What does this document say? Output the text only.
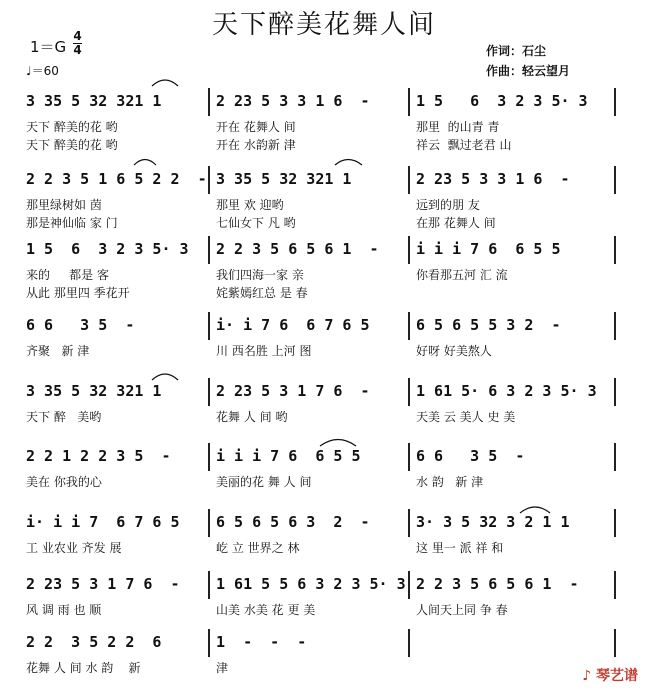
天下醉美花舞人间
1＝G
4
4
♩＝60
作词：石尘
作曲：轻云望月
3 35 5 32 321 1	2 23 5 3 3 1 6  -	1 5   6  3 2 3 5· 3
天下 醉美的花 哟	开在 花舞人 间	那里  的山青 青
天下 醉美的花 哟	开在 水韵新 津	祥云  飘过老君 山
2 2 3 5 1 6 5 2 2  - 3 35 5 32 321 1	2 23 5 3 3 1 6  -
那里绿树如 茵	那里 欢 迎哟	远到的朋 友
那是神仙临 家 门	七仙女下 凡 哟	在那 花舞人 间
1 5  6  3 2 3 5· 3 2 2 3 5 6 5 6 1  - i i i 7 6  6 5 5
来的     都是 客	我们四海一家 亲	你看那五河 汇 流
从此 那里四 季花开	姹紫嫣红总 是 春
6 6   3 5  -	i· i 7 6  6 7 6 5	6 5 6 5 5 3 2  -
齐聚   新 津	川 西名胜 上河 图	好呀 好美熬人
3 35 5 32 321 1	2 23 5 3 1 7 6  -	1 61 5· 6 3 2 3 5· 3
天下 醉   美哟	花舞 人 间 哟	天美 云 美人 史 美
2 2 1 2 2 3 5  -	i i i 7 6  6 5 5	6 6   3 5  -
美在 你我的心	美丽的花 舞 人 间	水 韵   新 津
i· i i 7  6 7 6 5 6 5 6 5 6 3  2  -	3· 3 5 32 3 2 1 1
工 业农业 齐发 展	屹 立 世界之 林	这 里一 派 祥 和
2 23 5 3 1 7 6  - 1 61 5 5 6 3 2 3 5· 3 2 2 3 5 6 5 6 1  -
风 调 雨 也 顺	山美 水美 花 更 美	人间天上同 争 春
2 2  3 5 2 2  6	1  -  -  -
花舞 人 间 水 韵    新	津	♪ 琴艺谱
